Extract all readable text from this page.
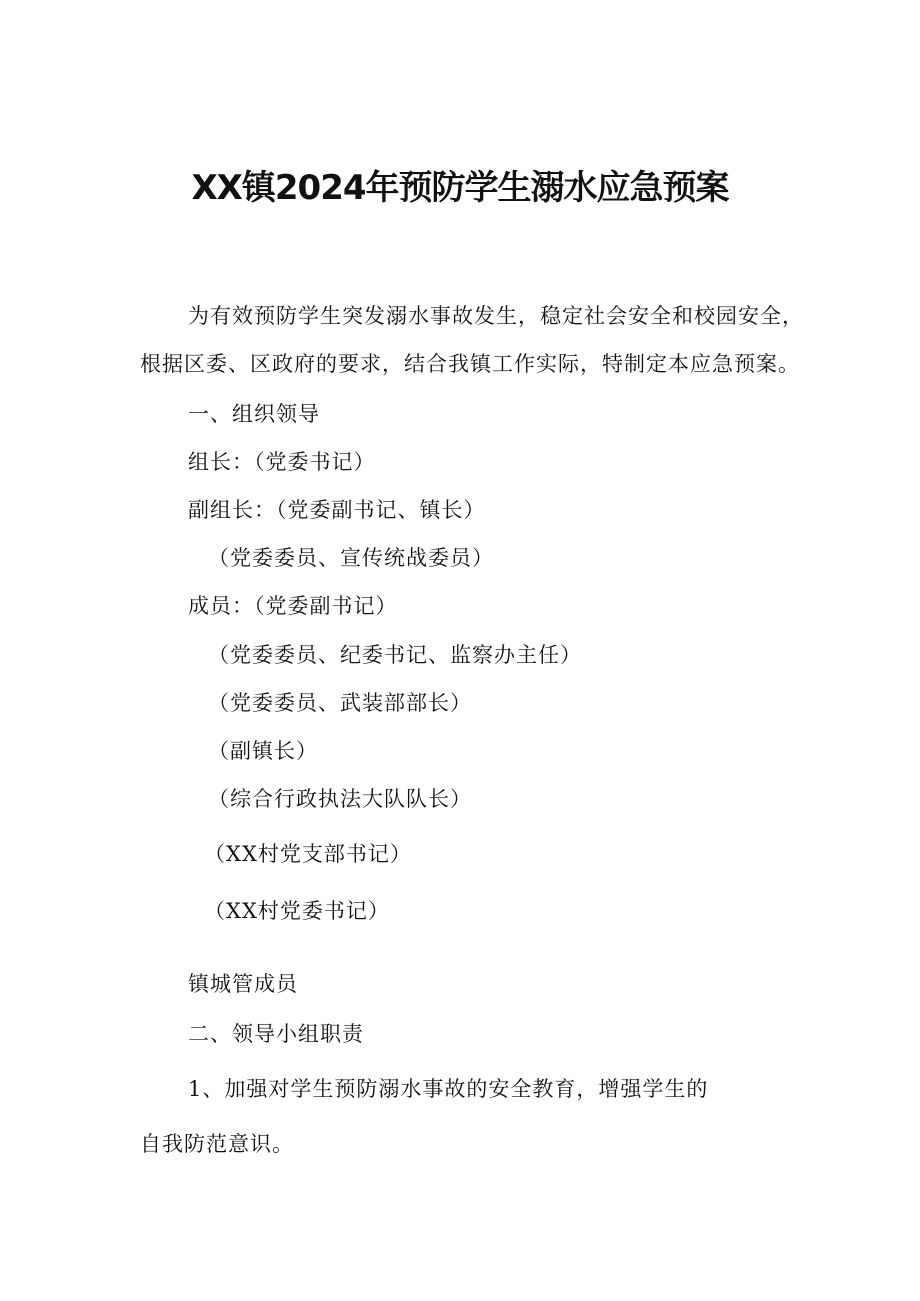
XX镇2024年预防学生溺水应急预案
为有效预防学生突发溺水事故发生，稳定社会安全和校园安全，
根据区委、区政府的要求，结合我镇工作实际，特制定本应急预案。
一、组织领导
组长：（党委书记）
副组长：（党委副书记、镇长）
（党委委员、宣传统战委员）
成员：（党委副书记）
（党委委员、纪委书记、监察办主任）
（党委委员、武装部部长）
（副镇长）
（综合行政执法大队队长）
（XX村党支部书记）
（XX村党委书记）
镇城管成员
二、领导小组职责
1、加强对学生预防溺水事故的安全教育，增强学生的
自我防范意识。
